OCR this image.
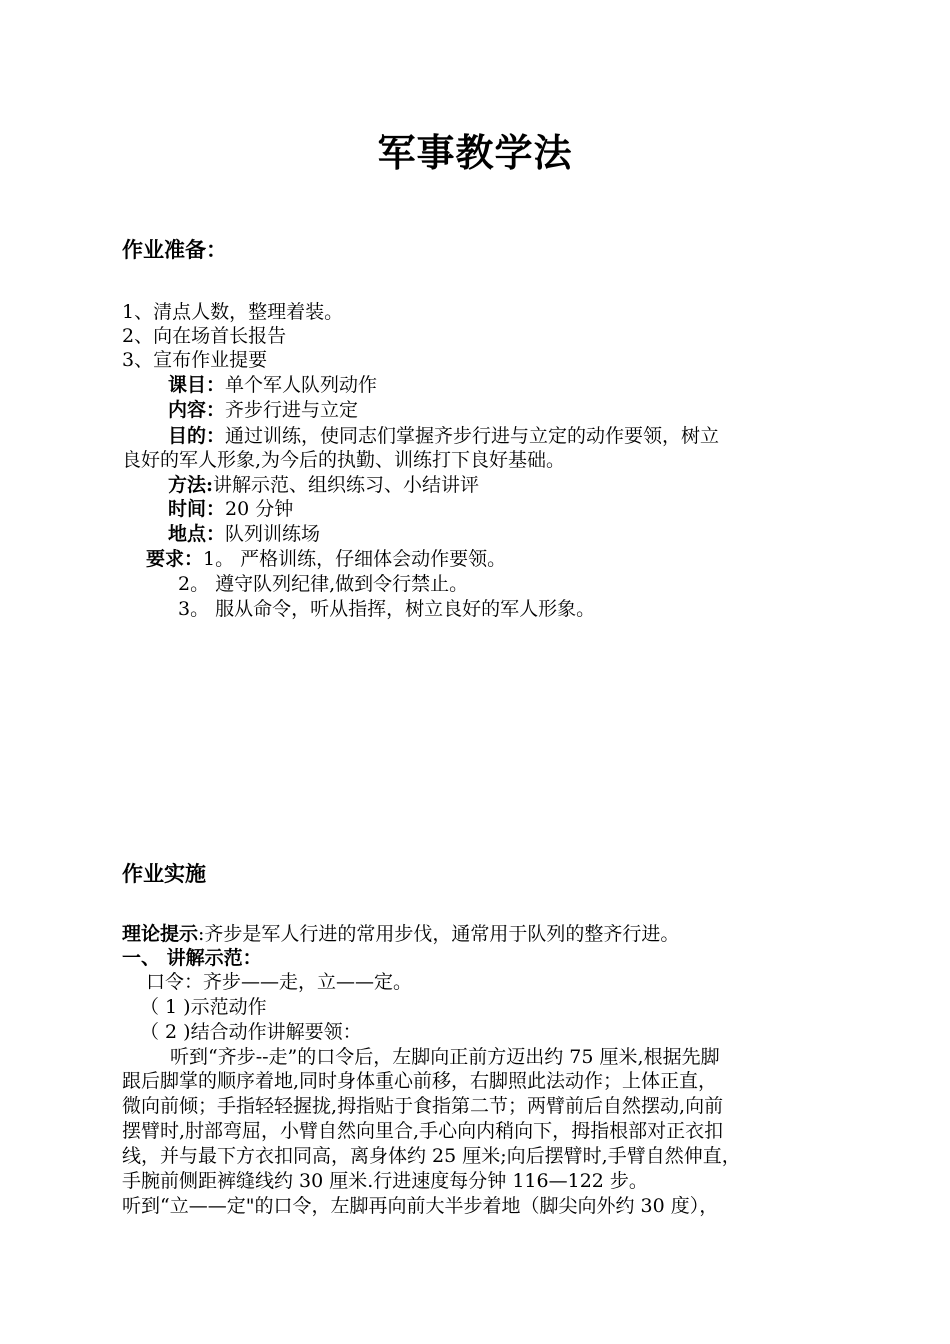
军事教学法
作业准备：
1、清点人数，整理着装。
2、向在场首长报告
3、宣布作业提要
课目：单个军人队列动作
内容：齐步行进与立定
目的：通过训练，使同志们掌握齐步行进与立定的动作要领，树立
良好的军人形象,为今后的执勤、训练打下良好基础。
方法:讲解示范、组织练习、小结讲评
时间：20 分钟
地点：队列训练场
要求：1。 严格训练，仔细体会动作要领。
2。 遵守队列纪律,做到令行禁止。
3。 服从命令，听从指挥，树立良好的军人形象。
作业实施
理论提示:齐步是军人行进的常用步伐，通常用于队列的整齐行进。
一、 讲解示范：
口令：齐步——走，立——定。
（ 1 )示范动作
（ 2 )结合动作讲解要领：
听到“齐步--走”的口令后，左脚向正前方迈出约 75 厘米,根据先脚
跟后脚掌的顺序着地,同时身体重心前移，右脚照此法动作；上体正直，
微向前倾；手指轻轻握拢,拇指贴于食指第二节；两臂前后自然摆动,向前
摆臂时,肘部弯屈，小臂自然向里合,手心向内稍向下，拇指根部对正衣扣
线，并与最下方衣扣同高，离身体约 25 厘米;向后摆臂时,手臂自然伸直，
手腕前侧距裤缝线约 30 厘米.行进速度每分钟 116—122 步。
听到“立——定"的口令，左脚再向前大半步着地（脚尖向外约 30 度），
